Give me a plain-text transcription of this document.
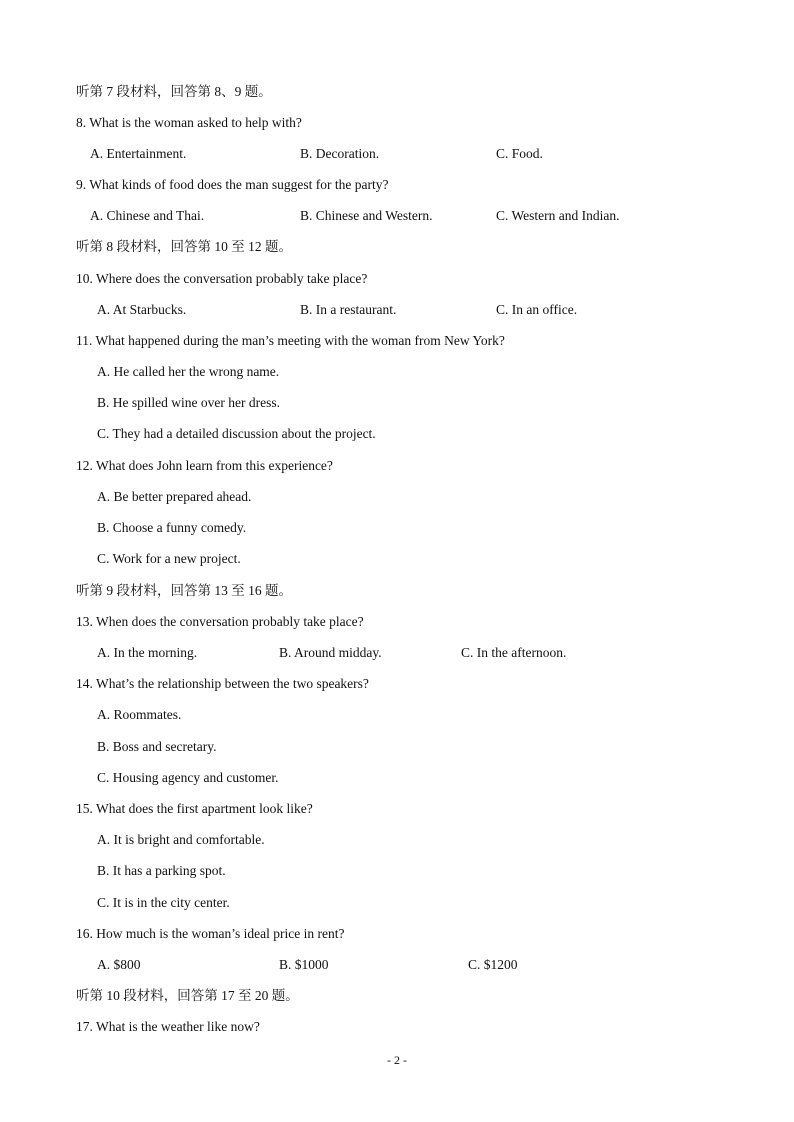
听第 7 段材料，回答第 8、9 题。
8. What is the woman asked to help with?
A. Entertainment.	B. Decoration.	C. Food.
9. What kinds of food does the man suggest for the party?
A. Chinese and Thai.	B. Chinese and Western.	C. Western and Indian.
听第 8 段材料，回答第 10 至 12 题。
10. Where does the conversation probably take place?
A. At Starbucks.	B. In a restaurant.	C. In an office.
11. What happened during the man’s meeting with the woman from New York?
A. He called her the wrong name.
B. He spilled wine over her dress.
C. They had a detailed discussion about the project.
12. What does John learn from this experience?
A. Be better prepared ahead.
B. Choose a funny comedy.
C. Work for a new project.
听第 9 段材料，回答第 13 至 16 题。
13. When does the conversation probably take place?
A. In the morning.	B. Around midday.	C. In the afternoon.
14. What’s the relationship between the two speakers?
A. Roommates.
B. Boss and secretary.
C. Housing agency and customer.
15. What does the first apartment look like?
A. It is bright and comfortable.
B. It has a parking spot.
C. It is in the city center.
16. How much is the woman’s ideal price in rent?
A. $800	B. $1000	C. $1200
听第 10 段材料，回答第 17 至 20 题。
17. What is the weather like now?
- 2 -
